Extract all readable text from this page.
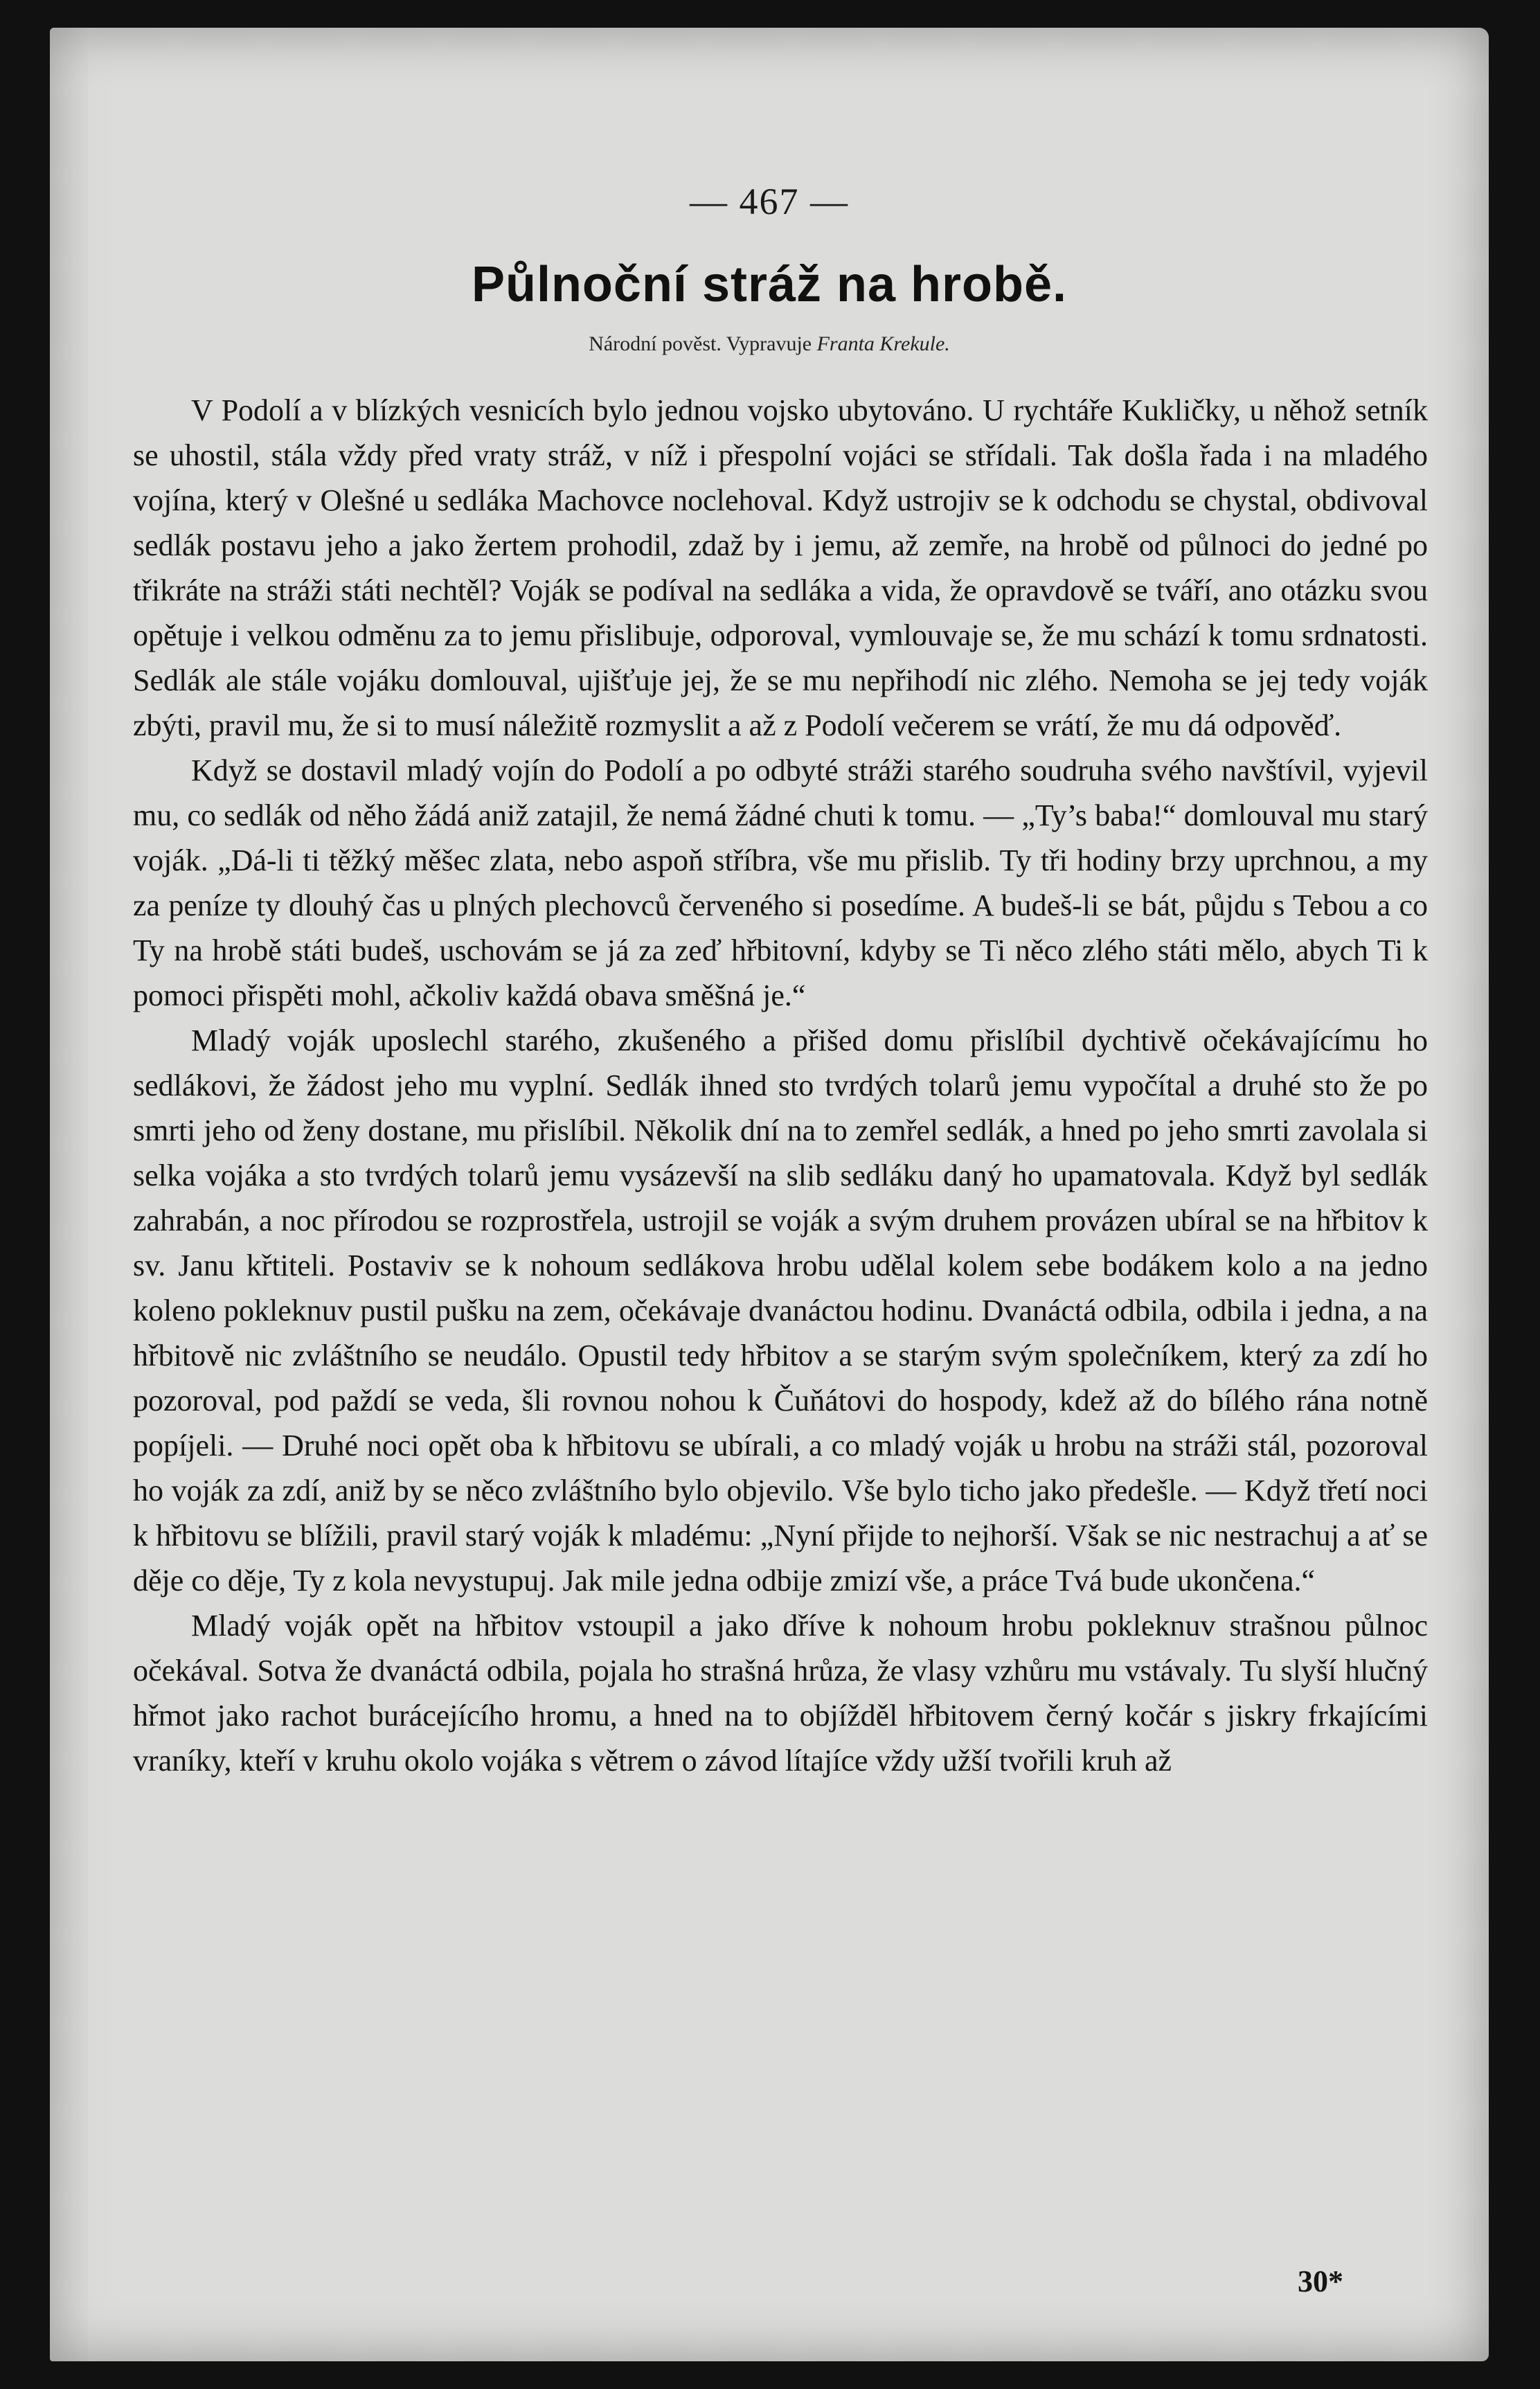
— 467 —
Půlnoční stráž na hrobě.
Národní pověst. Vypravuje Franta Krekule.

V Podolí a v blízkých vesnicích bylo jednou vojsko ubytováno. U rychtáře Kukličky, u něhož setník se uhostil, stála vždy před vraty stráž, v níž i přespolní vojáci se střídali. Tak došla řada i na mladého vojína, který v Olešné u sedláka Machovce noclehoval. Když ustrojiv se k odchodu se chystal, obdivoval sedlák postavu jeho a jako žertem prohodil, zdaž by i jemu, až zemře, na hrobě od půlnoci do jedné po třikráte na stráži státi nechtěl? Voják se podíval na sedláka a vida, že opravdově se tváří, ano otázku svou opětuje i velkou odměnu za to jemu přislibuje, odporoval, vymlouvaje se, že mu schází k tomu srdnatosti. Sedlák ale stále vojáku domlouval, ujišťuje jej, že se mu nepřihodí nic zlého. Nemoha se jej tedy voják zbýti, pravil mu, že si to musí náležitě rozmyslit a až z Podolí večerem se vrátí, že mu dá odpověď.

Když se dostavil mladý vojín do Podolí a po odbyté stráži starého soudruha svého navštívil, vyjevil mu, co sedlák od něho žádá aniž zatajil, že nemá žádné chuti k tomu. — „Ty’s baba!“ domlouval mu starý voják. „Dá-li ti těžký měšec zlata, nebo aspoň stříbra, vše mu přislib. Ty tři hodiny brzy uprchnou, a my za peníze ty dlouhý čas u plných plechovců červeného si posedíme. A budeš-li se bát, půjdu s Tebou a co Ty na hrobě státi budeš, uschovám se já za zeď hřbitovní, kdyby se Ti něco zlého státi mělo, abych Ti k pomoci přispěti mohl, ačkoliv každá obava směšná je.“

Mladý voják uposlechl starého, zkušeného a přišed domu přislíbil dychtivě očekávajícímu ho sedlákovi, že žádost jeho mu vyplní. Sedlák ihned sto tvrdých tolarů jemu vypočítal a druhé sto že po smrti jeho od ženy dostane, mu přislíbil. Několik dní na to zemřel sedlák, a hned po jeho smrti zavolala si selka vojáka a sto tvrdých tolarů jemu vysázevší na slib sedláku daný ho upamatovala. Když byl sedlák zahrabán, a noc přírodou se rozprostřela, ustrojil se voják a svým druhem provázen ubíral se na hřbitov k sv. Janu křtiteli. Postaviv se k nohoum sedlákova hrobu udělal kolem sebe bodákem kolo a na jedno koleno pokleknuv pustil pušku na zem, očekávaje dvanáctou hodinu. Dvanáctá odbila, odbila i jedna, a na hřbitově nic zvláštního se neudálo. Opustil tedy hřbitov a se starým svým společníkem, který za zdí ho pozoroval, pod paždí se veda, šli rovnou nohou k Čuňátovi do hospody, kdež až do bílého rána notně popíjeli. — Druhé noci opět oba k hřbitovu se ubírali, a co mladý voják u hrobu na stráži stál, pozoroval ho voják za zdí, aniž by se něco zvláštního bylo objevilo. Vše bylo ticho jako předešle. — Když třetí noci k hřbitovu se blížili, pravil starý voják k mladému: „Nyní přijde to nejhorší. Však se nic nestrachuj a ať se děje co děje, Ty z kola nevystupuj. Jak mile jedna odbije zmizí vše, a práce Tvá bude ukončena.“

Mladý voják opět na hřbitov vstoupil a jako dříve k nohoum hrobu pokleknuv strašnou půlnoc očekával. Sotva že dvanáctá odbila, pojala ho strašná hrůza, že vlasy vzhůru mu vstávaly. Tu slyší hlučný hřmot jako rachot burácejícího hromu, a hned na to objížděl hřbitovem černý kočár s jiskry frkajícími vraníky, kteří v kruhu okolo vojáka s větrem o závod lítajíce vždy užší tvořili kruh až

30*
